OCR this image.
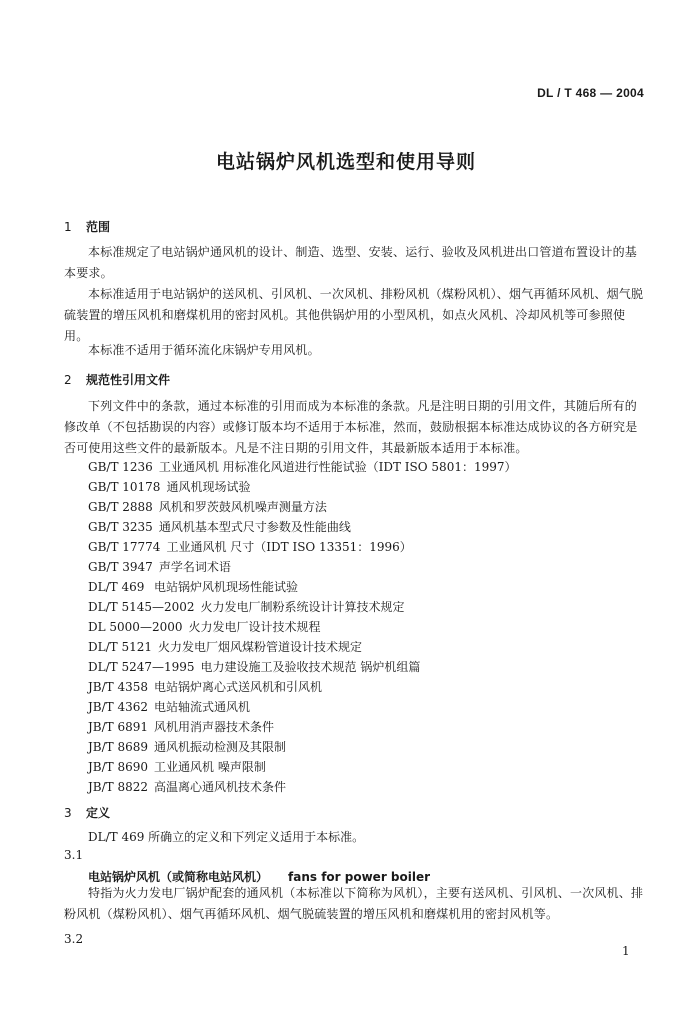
DL / T 468 — 2004
电站锅炉风机选型和使用导则
1 范围
本标准规定了电站锅炉通风机的设计、制造、选型、安装、运行、验收及风机进出口管道布置设计的基本要求。
本标准适用于电站锅炉的送风机、引风机、一次风机、排粉风机（煤粉风机）、烟气再循环风机、烟气脱硫装置的增压风机和磨煤机用的密封风机。其他供锅炉用的小型风机，如点火风机、冷却风机等可参照使用。
本标准不适用于循环流化床锅炉专用风机。
2 规范性引用文件
下列文件中的条款，通过本标准的引用而成为本标准的条款。凡是注明日期的引用文件，其随后所有的修改单（不包括勘误的内容）或修订版本均不适用于本标准，然而，鼓励根据本标准达成协议的各方研究是否可使用这些文件的最新版本。凡是不注日期的引用文件，其最新版本适用于本标准。
GB/T 1236 工业通风机 用标准化风道进行性能试验（IDT ISO 5801：1997）
GB/T 10178 通风机现场试验
GB/T 2888 风机和罗茨鼓风机噪声测量方法
GB/T 3235 通风机基本型式尺寸参数及性能曲线
GB/T 17774 工业通风机 尺寸（IDT ISO 13351：1996）
GB/T 3947 声学名词术语
DL/T 469 电站锅炉风机现场性能试验
DL/T 5145—2002 火力发电厂制粉系统设计计算技术规定
DL 5000—2000 火力发电厂设计技术规程
DL/T 5121 火力发电厂烟风煤粉管道设计技术规定
DL/T 5247—1995 电力建设施工及验收技术规范 锅炉机组篇
JB/T 4358 电站锅炉离心式送风机和引风机
JB/T 4362 电站轴流式通风机
JB/T 6891 风机用消声器技术条件
JB/T 8689 通风机振动检测及其限制
JB/T 8690 工业通风机 噪声限制
JB/T 8822 高温离心通风机技术条件
3 定义
DL/T 469 所确立的定义和下列定义适用于本标准。
3.1
电站锅炉风机（或简称电站风机） fans for power boiler
特指为火力发电厂锅炉配套的通风机（本标准以下简称为风机），主要有送风机、引风机、一次风机、排粉风机（煤粉风机）、烟气再循环风机、烟气脱硫装置的增压风机和磨煤机用的密封风机等。
3.2
1
